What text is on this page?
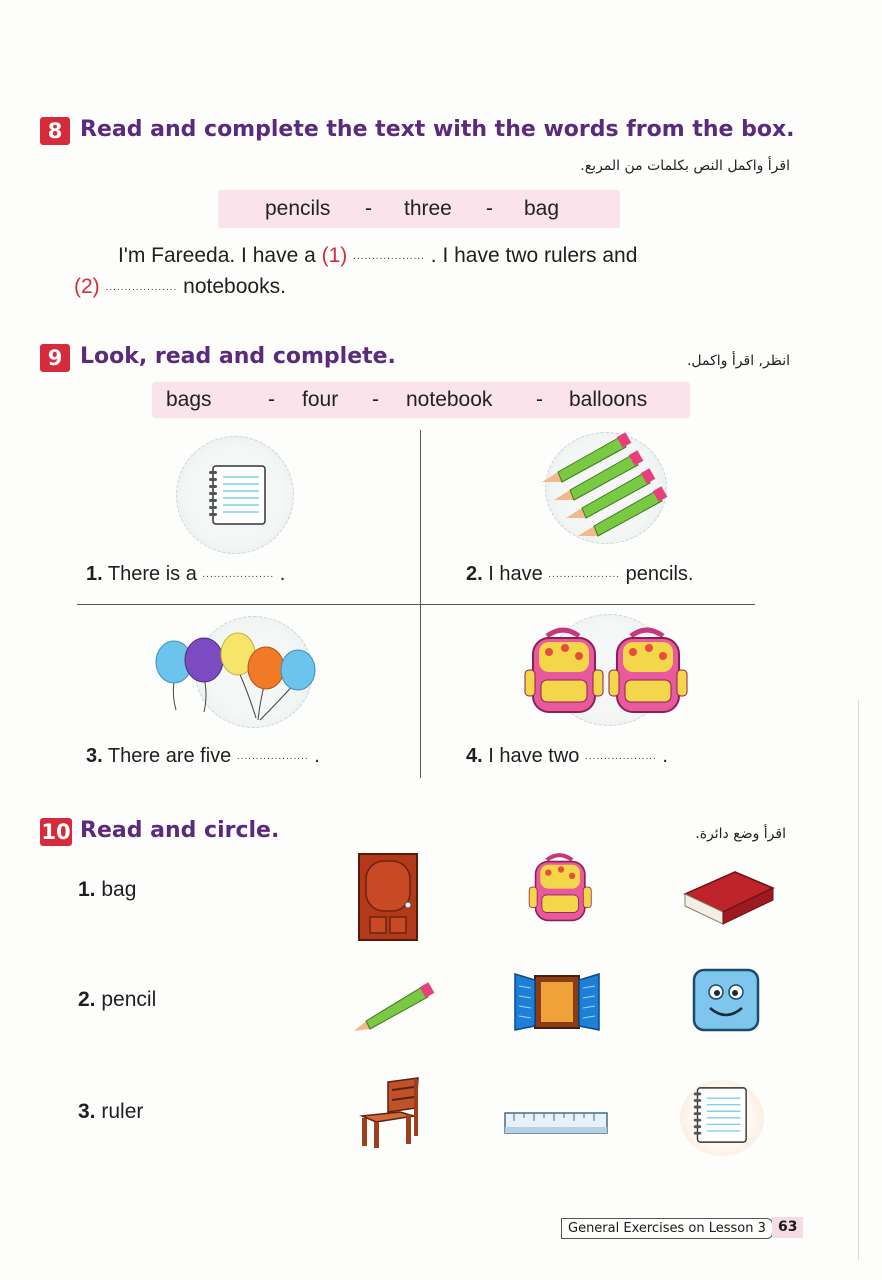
8 Read and complete the text with the words from the box.
اقرأ واكمل النص بكلمات من المربع.
pencils - three - bag
I'm Fareeda. I have a (1) ................... . I have two rulers and
(2) ................... notebooks.
9 Look, read and complete.	انظر, اقرأ واكمل.
bags	- four - notebook - balloons
1. There is a ................... .	2. I have ................... pencils.
3. There are five ................... .	4. I have two ................... .
10 Read and circle.	اقرأ وضع دائرة.
1. bag
2. pencil
3. ruler
General Exercises on Lesson 3 63
